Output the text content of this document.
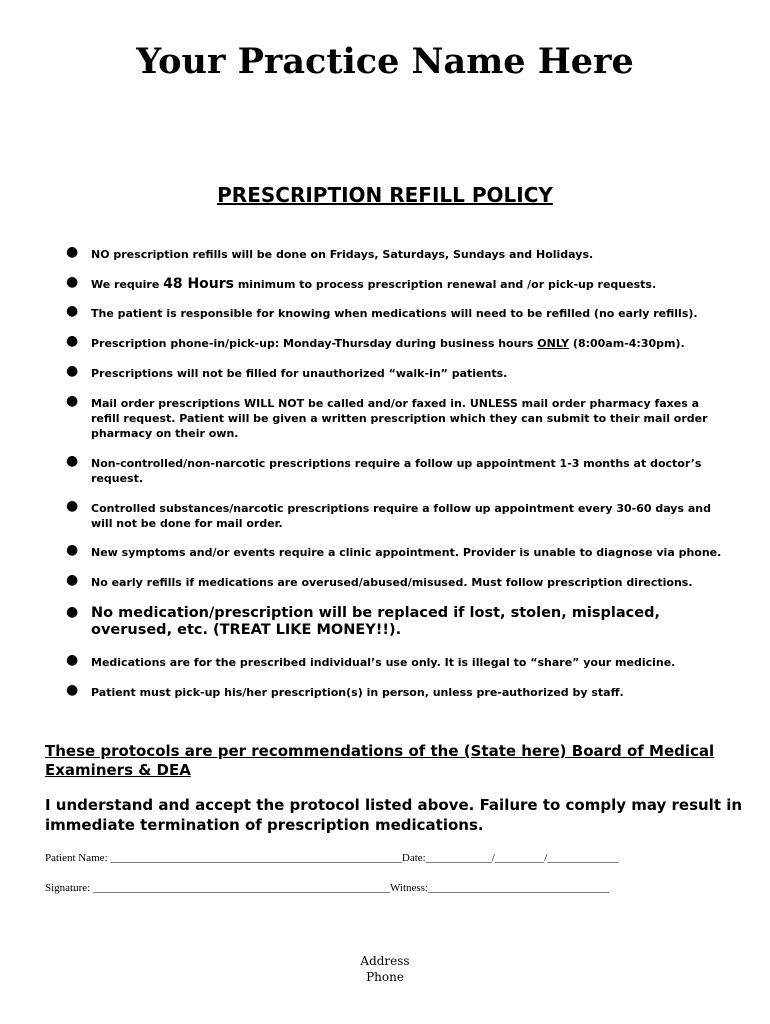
Your Practice Name Here
PRESCRIPTION REFILL POLICY
● NO prescription refills will be done on Fridays, Saturdays, Sundays and Holidays.
● We require 48 Hours minimum to process prescription renewal and /or pick-up requests.
● The patient is responsible for knowing when medications will need to be refilled (no early refills).
● Prescription phone-in/pick-up: Monday-Thursday during business hours ONLY (8:00am-4:30pm).
● Prescriptions will not be filled for unauthorized “walk-in” patients.
● Mail order prescriptions WILL NOT be called and/or faxed in. UNLESS mail order pharmacy faxes a refill request. Patient will be given a written prescription which they can submit to their mail order pharmacy on their own.
● Non-controlled/non-narcotic prescriptions require a follow up appointment 1-3 months at doctor’s request.
● Controlled substances/narcotic prescriptions require a follow up appointment every 30-60 days and will not be done for mail order.
● New symptoms and/or events require a clinic appointment. Provider is unable to diagnose via phone.
● No early refills if medications are overused/abused/misused. Must follow prescription directions.
● No medication/prescription will be replaced if lost, stolen, misplaced, overused, etc. (TREAT LIKE MONEY!!).
● Medications are for the prescribed individual’s use only. It is illegal to “share” your medicine.
● Patient must pick-up his/her prescription(s) in person, unless pre-authorized by staff.
These protocols are per recommendations of the (State here) Board of Medical Examiners & DEA
I understand and accept the protocol listed above. Failure to comply may result in immediate termination of prescription medications.
Patient Name: _____________________________________________________Date:____________/_________/_____________
Signature: ______________________________________________________Witness:_________________________________
Address
Phone
